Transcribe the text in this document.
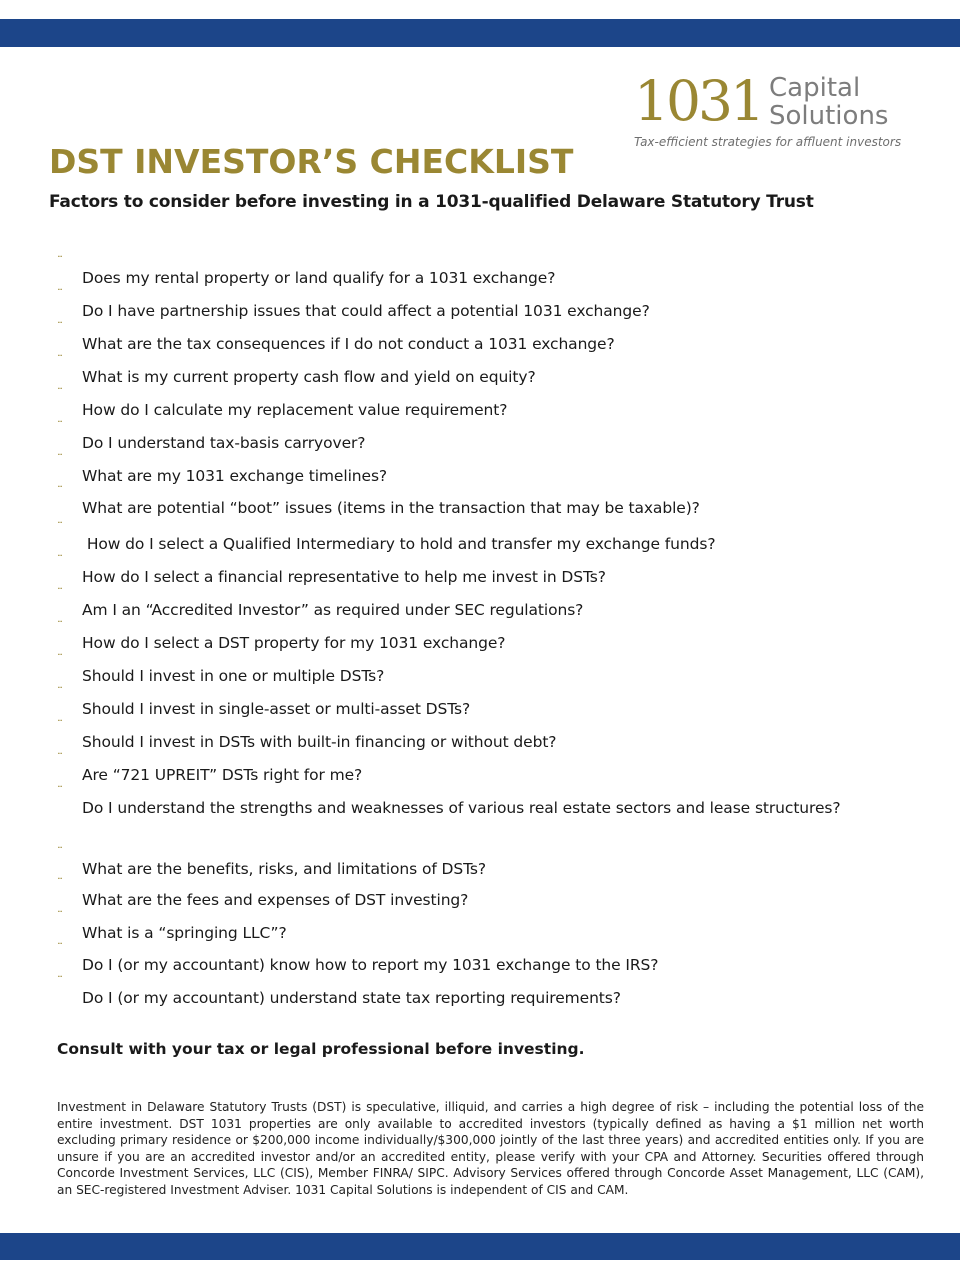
1031 Capital
Solutions
Tax-efficient strategies for affluent investors
DST INVESTOR’S CHECKLIST
Factors to consider before investing in a 1031-qualified Delaware Statutory Trust
¨
Does my rental property or land qualify for a 1031 exchange?
¨
Do I have partnership issues that could affect a potential 1031 exchange?
¨
What are the tax consequences if I do not conduct a 1031 exchange?
¨
What is my current property cash flow and yield on equity?
¨
How do I calculate my replacement value requirement?
¨
Do I understand tax-basis carryover?
¨
What are my 1031 exchange timelines?
¨
What are potential “boot” issues (items in the transaction that may be taxable)?
¨
How do I select a Qualified Intermediary to hold and transfer my exchange funds?
¨
How do I select a financial representative to help me invest in DSTs?
¨
Am I an “Accredited Investor” as required under SEC regulations?
¨
How do I select a DST property for my 1031 exchange?
¨
Should I invest in one or multiple DSTs?
¨
Should I invest in single-asset or multi-asset DSTs?
¨
Should I invest in DSTs with built-in financing or without debt?
¨
Are “721 UPREIT” DSTs right for me?
¨
Do I understand the strengths and weaknesses of various real estate sectors and lease structures?
¨
What are the benefits, risks, and limitations of DSTs?
¨
What are the fees and expenses of DST investing?
¨
What is a “springing LLC”?
¨
Do I (or my accountant) know how to report my 1031 exchange to the IRS?
¨
Do I (or my accountant) understand state tax reporting requirements?

Consult with your tax or legal professional before investing.

Investment in Delaware Statutory Trusts (DST) is speculative, illiquid, and carries a high degree of risk – including the potential loss of the entire investment. DST 1031 properties are only available to accredited investors (typically defined as having a $1 million net worth excluding primary residence or $200,000 income individually/$300,000 jointly of the last three years) and accredited entities only. If you are unsure if you are an accredited investor and/or an accredited entity, please verify with your CPA and Attorney. Securities offered through Concorde Investment Services, LLC (CIS), Member FINRA/ SIPC. Advisory Services offered through Concorde Asset Management, LLC (CAM), an SEC-registered Investment Adviser. 1031 Capital Solutions is independent of CIS and CAM.
